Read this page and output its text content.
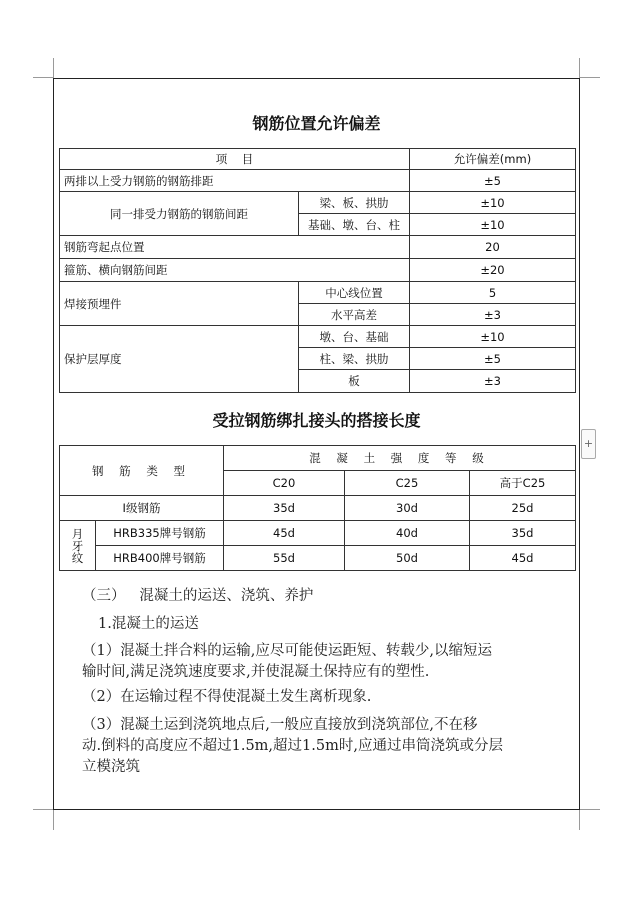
钢筋位置允许偏差
项    目		允许偏差(mm)
两排以上受力钢筋的钢筋排距		±5
同一排受力钢筋的钢筋间距	梁、板、拱肋	±10
	基础、墩、台、柱	±10
钢筋弯起点位置		20
箍筋、横向钢筋间距		±20
焊接预埋件	中心线位置	5
	水平高差	±3
保护层厚度	墩、台、基础	±10
	柱、梁、拱肋	±5
	板	±3
受拉钢筋绑扎接头的搭接长度
钢 筋 类 型		混 凝 土 强 度 等 级		
		C20	C25	高于C25
Ⅰ级钢筋		35d	30d	25d

月牙纹	HRB335牌号钢筋	45d	40d	35d
	HRB400牌号钢筋	55d	50d	45d
（三）   混凝土的运送、浇筑、养护
1.混凝土的运送
（1）混凝土拌合料的运输,应尽可能使运距短、转载少,以缩短运
输时间,满足浇筑速度要求,并使混凝土保持应有的塑性.
（2）在运输过程不得使混凝土发生离析现象.
（3）混凝土运到浇筑地点后,一般应直接放到浇筑部位,不在移
动.倒料的高度应不超过1.5m,超过1.5m时,应通过串筒浇筑或分层
立模浇筑
+
